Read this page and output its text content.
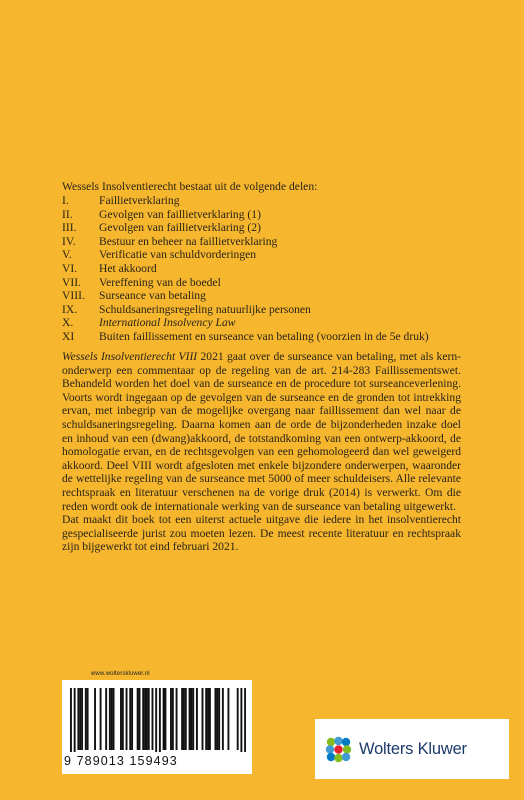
Wessels Insolventierecht bestaat uit de volgende delen:

I.	Faillietverklaring
II.	Gevolgen van faillietverklaring (1)
III.	Gevolgen van faillietverklaring (2)
IV.	Bestuur en beheer na faillietverklaring
V.	Verificatie van schuldvorderingen
VI.	Het akkoord
VII.	Vereffening van de boedel
VIII.	Surseance van betaling
IX.	Schuldsaneringsregeling natuurlijke personen
X.	International Insolvency Law
XI	Buiten faillissement en surseance van betaling (voorzien in de 5e druk)

Wessels Insolventierecht VIII 2021 gaat over de surseance van betaling, met als kernonderwerp een commentaar op de regeling van de art. 214-283 Faillissementswet. Behandeld worden het doel van de surseance en de procedure tot surseanceverlening. Voorts wordt ingegaan op de gevolgen van de surseance en de gronden tot intrekking ervan, met inbegrip van de mogelijke overgang naar faillissement dan wel naar de schuldsaneringsregeling. Daarna komen aan de orde de bijzonderheden inzake doel en inhoud van een (dwang)akkoord, de totstandkoming van een ontwerp-akkoord, de homologatie ervan, en de rechtsgevolgen van een gehomologeerd dan wel geweigerd akkoord. Deel VIII wordt afgesloten met enkele bijzondere onderwerpen, waaronder de wettelijke regeling van de surseance met 5000 of meer schuldeisers. Alle relevante rechtspraak en literatuur verschenen na de vorige druk (2014) is verwerkt. Om die reden wordt ook de internationale werking van de surseance van betaling uitgewerkt.

Dat maakt dit boek tot een uiterst actuele uitgave die iedere in het insolventierecht gespecialiseerde jurist zou moeten lezen. De meest recente literatuur en rechtspraak zijn bijgewerkt tot eind februari 2021.

www.wolterskluwer.nl
9 789013 159493
Wolters Kluwer
